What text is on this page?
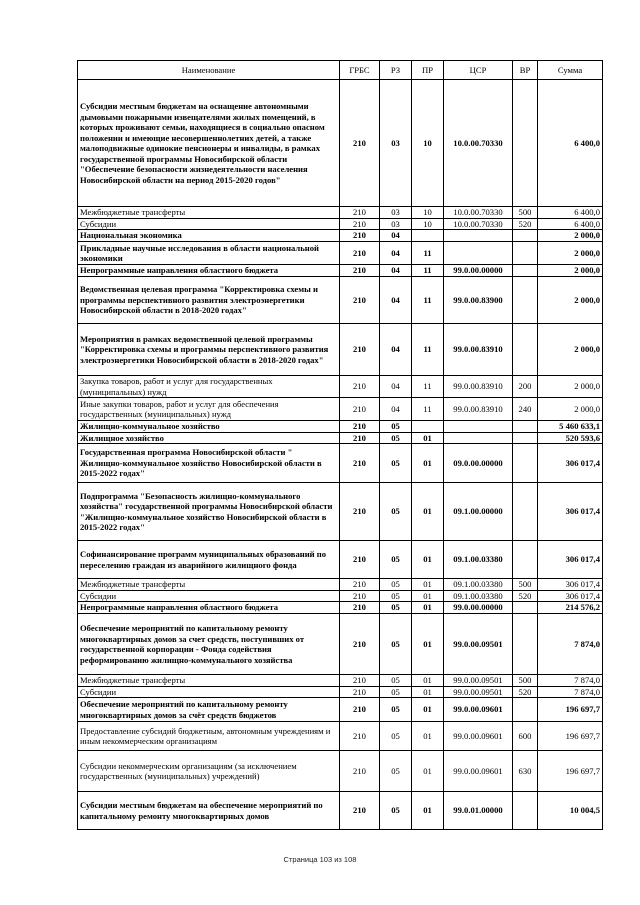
Наименование	ГРБС	РЗ	ПР	ЦСР	ВР	Сумма
Субсидии местным бюджетам на оснащение автономными дымовыми пожарными извещателями жилых помещений, в которых проживают семьи, находящиеся в социально опасном положении и имеющие несовершеннолетних детей, а также малоподвижные одинокие пенсионеры и инвалиды, в рамках государственной программы Новосибирской области "Обеспечение безопасности жизнедеятельности населения Новосибирской области на период 2015-2020 годов"	210	03	10	10.0.00.70330		6 400,0
Межбюджетные трансферты	210	03	10	10.0.00.70330	500	6 400,0
Субсидии	210	03	10	10.0.00.70330	520	6 400,0
Национальная экономика	210	04				2 000,0
Прикладные научные исследования в области национальной экономики	210	04	11			2 000,0
Непрограммные направления областного бюджета	210	04	11	99.0.00.00000		2 000,0
Ведомственная целевая программа "Корректировка схемы и программы перспективного развития электроэнергетики Новосибирской области в 2018-2020 годах"	210	04	11	99.0.00.83900		2 000,0
Мероприятия в рамках ведомственной целевой программы "Корректировка схемы и программы перспективного развития электроэнергетики Новосибирской области в 2018-2020 годах"	210	04	11	99.0.00.83910		2 000,0
Закупка товаров, работ и услуг для государственных (муниципальных) нужд	210	04	11	99.0.00.83910	200	2 000,0
Иные закупки товаров, работ и услуг для обеспечения государственных (муниципальных) нужд	210	04	11	99.0.00.83910	240	2 000,0
Жилищно-коммунальное хозяйство	210	05				5 460 633,1
Жилищное хозяйство	210	05	01			520 593,6
Государственная программа Новосибирской области " Жилищно-коммунальное хозяйство Новосибирской области в 2015-2022 годах"	210	05	01	09.0.00.00000		306 017,4
Подпрограмма "Безопасность жилищно-коммунального хозяйства" государственной программы Новосибирской области "Жилищно-коммунальное хозяйство Новосибирской области в 2015-2022 годах"	210	05	01	09.1.00.00000		306 017,4
Софинансирование программ муниципальных образований по переселению граждан из аварийного жилищного фонда	210	05	01	09.1.00.03380		306 017,4
Межбюджетные трансферты	210	05	01	09.1.00.03380	500	306 017,4
Субсидии	210	05	01	09.1.00.03380	520	306 017,4
Непрограммные направления областного бюджета	210	05	01	99.0.00.00000		214 576,2
Обеспечение мероприятий по капитальному ремонту многоквартирных домов за счет средств, поступивших от государственной корпорации - Фонда содействия реформированию жилищно-коммунального хозяйства	210	05	01	99.0.00.09501		7 874,0
Межбюджетные трансферты	210	05	01	99.0.00.09501	500	7 874,0
Субсидии	210	05	01	99.0.00.09501	520	7 874,0
Обеспечение мероприятий по капитальному ремонту многоквартирных домов за счёт средств бюджетов	210	05	01	99.0.00.09601		196 697,7
Предоставление субсидий бюджетным, автономным учреждениям и иным некоммерческим организациям	210	05	01	99.0.00.09601	600	196 697,7
Субсидии некоммерческим организациям (за исключением государственных (муниципальных) учреждений)	210	05	01	99.0.00.09601	630	196 697,7
Субсидии местным бюджетам на обеспечение мероприятий по капитальному ремонту многоквартирных домов	210	05	01	99.0.01.00000		10 004,5
Страница 103 из 108
